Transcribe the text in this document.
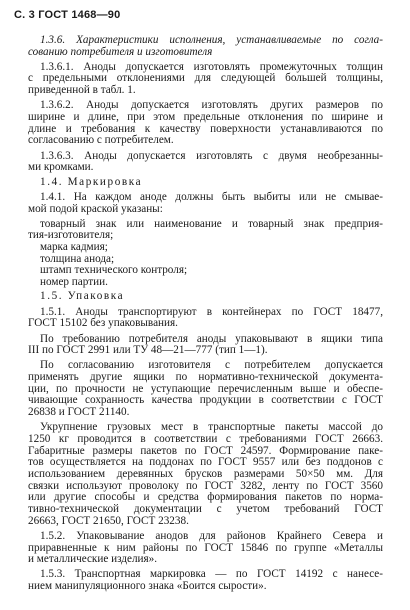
С. 3 ГОСТ 1468—90
1.3.6. Характеристики исполнения, устанавливаемые по согла-
сованию потребителя и изготовителя
1.3.6.1. Аноды допускается изготовлять промежуточных толщин
с предельными отклонениями для следующей большей толщины,
приведенной в табл. 1.
1.3.6.2. Аноды допускается изготовлять других размеров по
ширине и длине, при этом предельные отклонения по ширине и
длине и требования к качеству поверхности устанавливаются по
согласованию с потребителем.
1.3.6.3. Аноды допускается изготовлять с двумя необрезанны-
ми кромками.
1.4. Маркировка
1.4.1. На каждом аноде должны быть выбиты или не смывае-
мой подой краской указаны:
товарный знак или наименование и товарный знак предприя-
тия-изготовителя;
марка кадмия;
толщина анода;
штамп технического контроля;
номер партии.
1.5. Упаковка
1.5.1. Аноды транспортируют в контейнерах по ГОСТ 18477,
ГОСТ 15102 без упаковывания.
По требованию потребителя аноды упаковывают в ящики типа
III по ГОСТ 2991 или ТУ 48—21—777 (тип 1—1).
По согласованию изготовителя с потребителем допускается
применять другие ящики по нормативно-технической документа-
ции, по прочности не уступающие перечисленным выше и обеспе-
чивающие сохранность качества продукции в соответствии с ГОСТ
26838 и ГОСТ 21140.
Укрупнение грузовых мест в транспортные пакеты массой до
1250 кг проводится в соответствии с требованиями ГОСТ 26663.
Габаритные размеры пакетов по ГОСТ 24597. Формирование паке-
тов осуществляется на поддонах по ГОСТ 9557 или без поддонов с
использованием деревянных брусков размерами 50×50 мм. Для
связки используют проволоку по ГОСТ 3282, ленту по ГОСТ 3560
или другие способы и средства формирования пакетов по норма-
тивно-технической документации с учетом требований ГОСТ
26663, ГОСТ 21650, ГОСТ 23238.
1.5.2. Упаковывание анодов для районов Крайнего Севера и
приравненные к ним районы по ГОСТ 15846 по группе «Металлы
и металлические изделия».
1.5.3. Транспортная маркировка — по ГОСТ 14192 с нанесе-
нием манипуляционного знака «Боится сырости».
